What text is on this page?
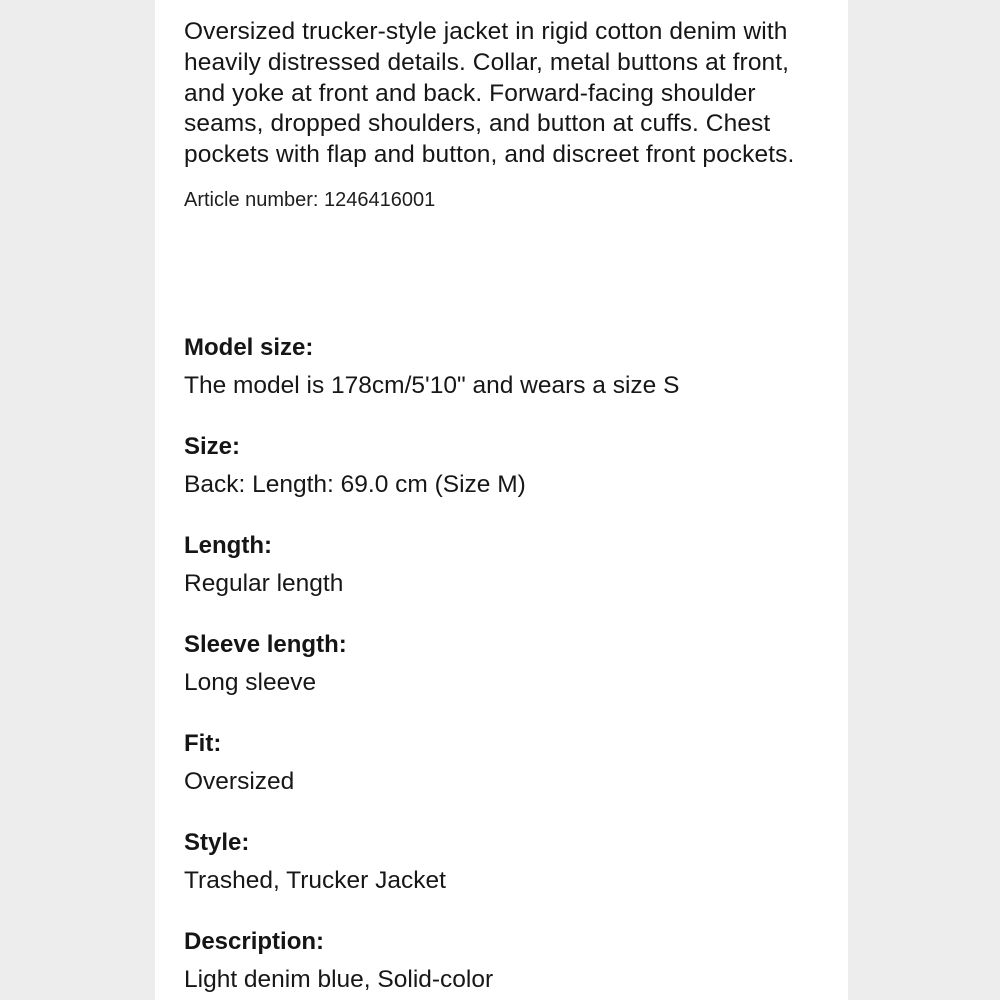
Oversized trucker-style jacket in rigid cotton denim with heavily distressed details. Collar, metal buttons at front, and yoke at front and back. Forward-facing shoulder seams, dropped shoulders, and button at cuffs. Chest pockets with flap and button, and discreet front pockets.

Article number: 1246416001

Model size:
The model is 178cm/5'10" and wears a size S
Size:
Back: Length: 69.0 cm (Size M)
Length:
Regular length
Sleeve length:
Long sleeve
Fit:
Oversized
Style:
Trashed, Trucker Jacket
Description:
Light denim blue, Solid-color
